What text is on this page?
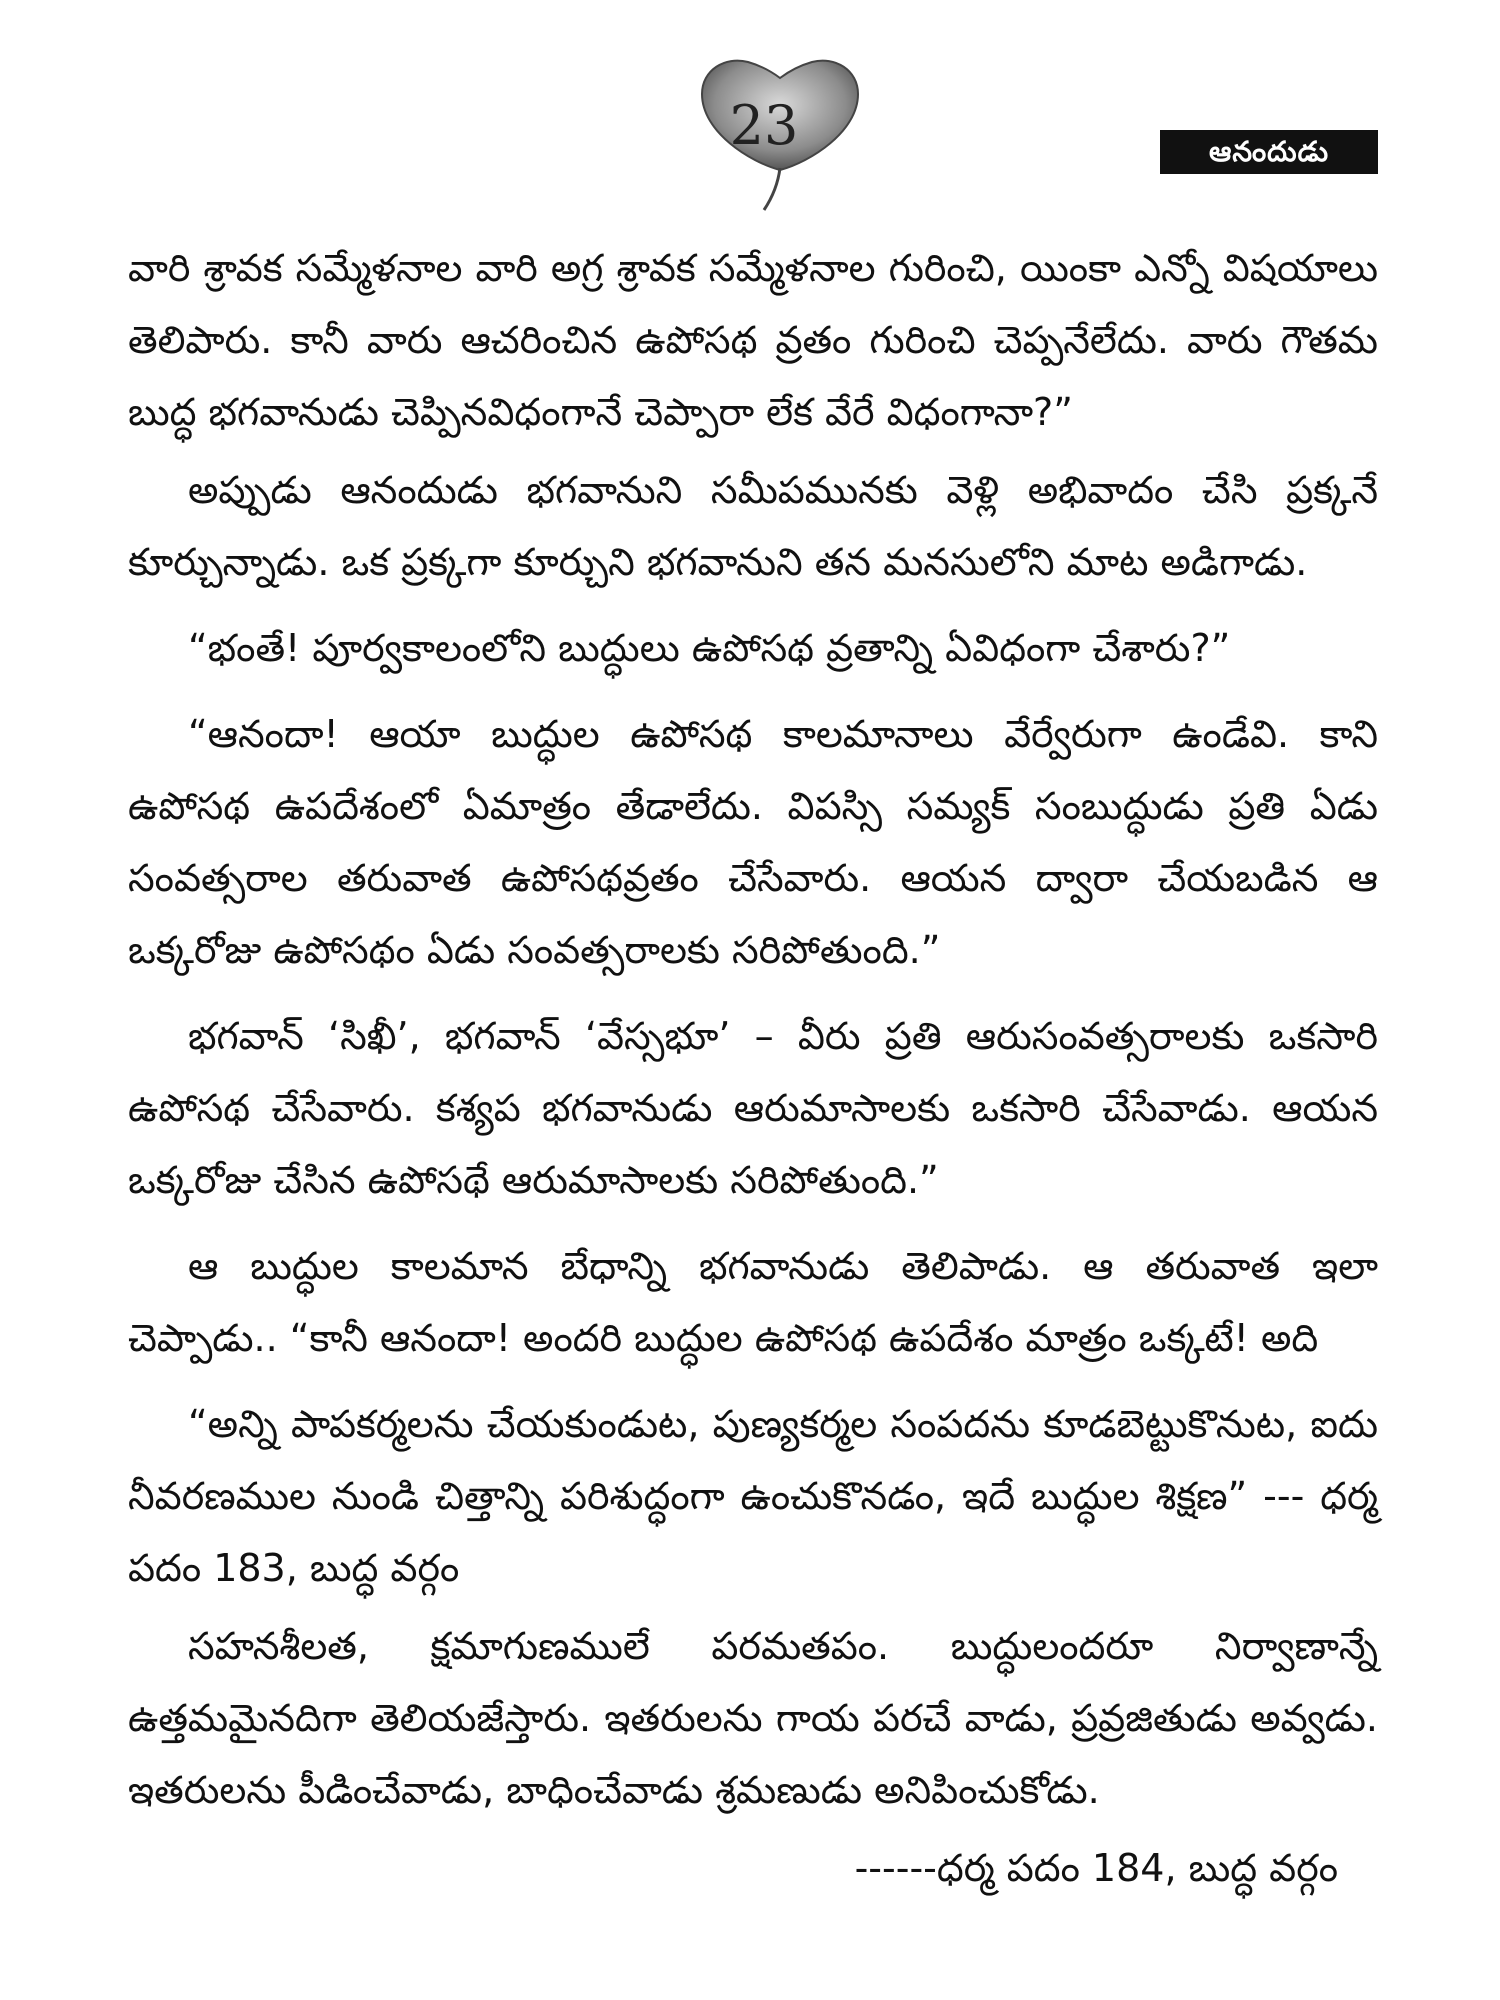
23	ఆనందుడు

వారి శ్రావక సమ్మేళనాల వారి అగ్ర శ్రావక సమ్మేళనాల గురించి, యింకా ఎన్నో విషయాలు తెలిపారు. కానీ వారు ఆచరించిన ఉపోసథ వ్రతం గురించి చెప్పనేలేదు. వారు గౌతమ బుద్ధ భగవానుడు చెప్పినవిధంగానే చెప్పారా లేక వేరే విధంగానా?”

అప్పుడు ఆనందుడు భగవానుని సమీపమునకు వెళ్లి అభివాదం చేసి ప్రక్కనే కూర్చున్నాడు. ఒక ప్రక్కగా కూర్చుని భగవానుని తన మనసులోని మాట అడిగాడు.

“భంతే! పూర్వకాలంలోని బుద్ధులు ఉపోసథ వ్రతాన్ని ఏవిధంగా చేశారు?”

“ఆనందా! ఆయా బుద్ధుల ఉపోసథ కాలమానాలు వేర్వేరుగా ఉండేవి. కాని ఉపోసథ ఉపదేశంలో ఏమాత్రం తేడాలేదు. విపస్సి సమ్యక్ సంబుద్ధుడు ప్రతి ఏడు సంవత్సరాల తరువాత ఉపోసథవ్రతం చేసేవారు. ఆయన ద్వారా చేయబడిన ఆ ఒక్కరోజు ఉపోసథం ఏడు సంవత్సరాలకు సరిపోతుంది.”

భగవాన్ ‘సిఖీ’, భగవాన్ ‘వేస్సభూ’ – వీరు ప్రతి ఆరుసంవత్సరాలకు ఒకసారి ఉపోసథ చేసేవారు. కశ్యప భగవానుడు ఆరుమాసాలకు ఒకసారి చేసేవాడు. ఆయన ఒక్కరోజు చేసిన ఉపోసథే ఆరుమాసాలకు సరిపోతుంది.”

ఆ బుద్ధుల కాలమాన బేధాన్ని భగవానుడు తెలిపాడు. ఆ తరువాత ఇలా చెప్పాడు.. “కానీ ఆనందా! అందరి బుద్ధుల ఉపోసథ ఉపదేశం మాత్రం ఒక్కటే! అది

“అన్ని పాపకర్మలను చేయకుండుట, పుణ్యకర్మల సంపదను కూడబెట్టుకొనుట, ఐదు నీవరణముల నుండి చిత్తాన్ని పరిశుద్ధంగా ఉంచుకొనడం, ఇదే బుద్ధుల శిక్షణ” --- ధర్మ పదం 183, బుద్ధ వర్గం

సహనశీలత, క్షమాగుణములే పరమతపం. బుద్ధులందరూ నిర్వాణాన్నే ఉత్తమమైనదిగా తెలియజేస్తారు. ఇతరులను గాయ పరచే వాడు, ప్రవ్రజితుడు అవ్వడు. ఇతరులను పీడించేవాడు, బాధించేవాడు శ్రమణుడు అనిపించుకోడు.

------ధర్మ పదం 184, బుద్ధ వర్గం
